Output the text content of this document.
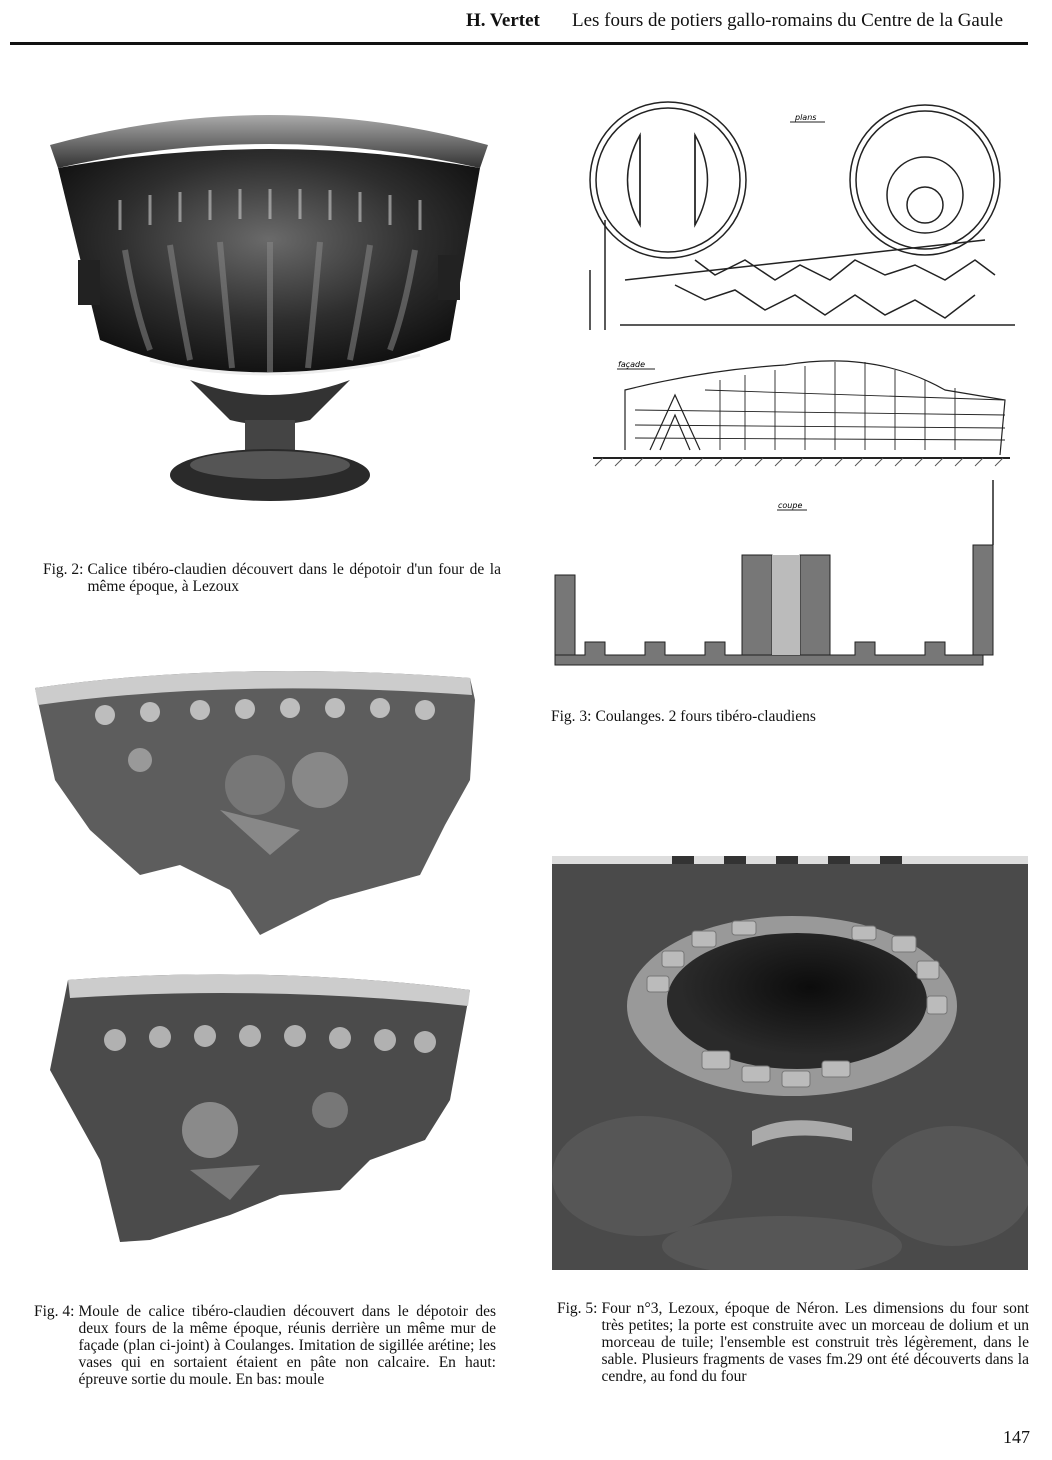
H. Vertet Les fours de potiers gallo-romains du Centre de la Gaule
Fig. 2: Calice tibéro-claudien découvert dans le dépotoir d'un four de la même époque, à Lezoux
plans
façade
coupe
Fig. 3: Coulanges. 2 fours tibéro-claudiens
Fig. 4: Moule de calice tibéro-claudien découvert dans le dépotoir des deux fours de la même époque, réunis derrière un même mur de façade (plan ci-joint) à Coulanges. Imitation de sigillée arétine; les vases qui en sortaient étaient en pâte non calcaire. En haut: épreuve sortie du moule. En bas: moule
Fig. 5: Four n°3, Lezoux, époque de Néron. Les dimensions du four sont très petites; la porte est construite avec un morceau de dolium et un morceau de tuile; l'ensemble est construit très légèrement, dans le sable. Plusieurs fragments de vases fm.29 ont été découverts dans la cendre, au fond du four
147
